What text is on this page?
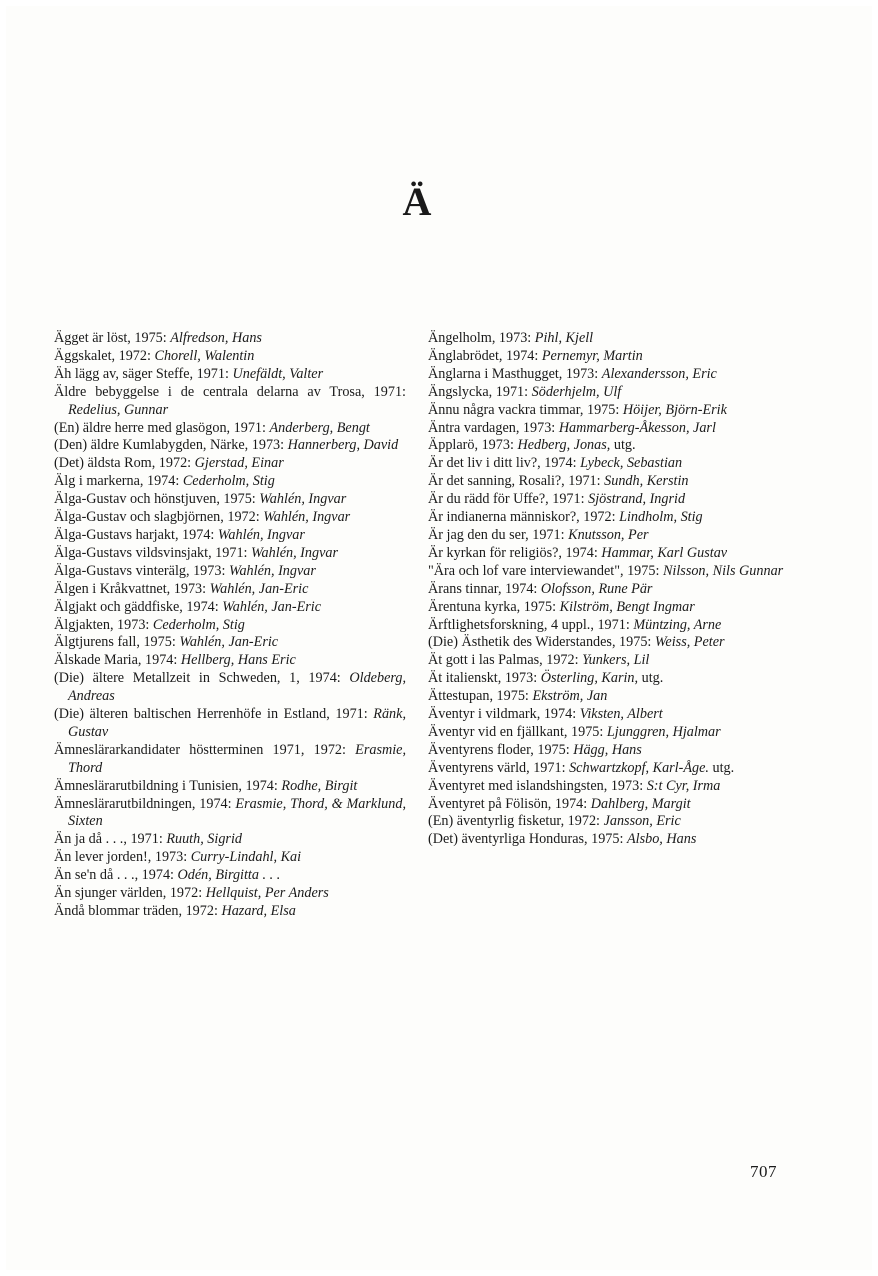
Ä
Ägget är löst, 1975: Alfredson, Hans
Äggskalet, 1972: Chorell, Walentin
Äh lägg av, säger Steffe, 1971: Unefäldt, Valter
Äldre bebyggelse i de centrala delarna av Trosa, 1971: Redelius, Gunnar
(En) äldre herre med glasögon, 1971: Anderberg, Bengt
(Den) äldre Kumlabygden, Närke, 1973: Hannerberg, David
(Det) äldsta Rom, 1972: Gjerstad, Einar
Älg i markerna, 1974: Cederholm, Stig
Älga-Gustav och hönstjuven, 1975: Wahlén, Ingvar
Älga-Gustav och slagbjörnen, 1972: Wahlén, Ingvar
Älga-Gustavs harjakt, 1974: Wahlén, Ingvar
Älga-Gustavs vildsvinsjakt, 1971: Wahlén, Ingvar
Älga-Gustavs vinterälg, 1973: Wahlén, Ingvar
Älgen i Kråkvattnet, 1973: Wahlén, Jan-Eric
Älgjakt och gäddfiske, 1974: Wahlén, Jan-Eric
Älgjakten, 1973: Cederholm, Stig
Älgtjurens fall, 1975: Wahlén, Jan-Eric
Älskade Maria, 1974: Hellberg, Hans Eric
(Die) ältere Metallzeit in Schweden, 1, 1974: Oldeberg, Andreas
(Die) älteren baltischen Herrenhöfe in Estland, 1971: Ränk, Gustav
Ämneslärarkandidater höstterminen 1971, 1972: Erasmie, Thord
Ämneslärarutbildning i Tunisien, 1974: Rodhe, Birgit
Ämneslärarutbildningen, 1974: Erasmie, Thord, & Marklund, Sixten
Än ja då . . ., 1971: Ruuth, Sigrid
Än lever jorden!, 1973: Curry-Lindahl, Kai
Än se'n då . . ., 1974: Odén, Birgitta . . .
Än sjunger världen, 1972: Hellquist, Per Anders
Ändå blommar träden, 1972: Hazard, Elsa
Ängelholm, 1973: Pihl, Kjell
Änglabrödet, 1974: Pernemyr, Martin
Änglarna i Masthugget, 1973: Alexandersson, Eric
Ängslycka, 1971: Söderhjelm, Ulf
Ännu några vackra timmar, 1975: Höijer, Björn-Erik
Äntra vardagen, 1973: Hammarberg-Åkesson, Jarl
Äpplarö, 1973: Hedberg, Jonas, utg.
Är det liv i ditt liv?, 1974: Lybeck, Sebastian
Är det sanning, Rosali?, 1971: Sundh, Kerstin
Är du rädd för Uffe?, 1971: Sjöstrand, Ingrid
Är indianerna människor?, 1972: Lindholm, Stig
Är jag den du ser, 1971: Knutsson, Per
Är kyrkan för religiös?, 1974: Hammar, Karl Gustav
"Ära och lof vare interviewandet", 1975: Nilsson, Nils Gunnar
Ärans tinnar, 1974: Olofsson, Rune Pär
Ärentuna kyrka, 1975: Kilström, Bengt Ingmar
Ärftlighetsforskning, 4 uppl., 1971: Müntzing, Arne
(Die) Ästhetik des Widerstandes, 1975: Weiss, Peter
Ät gott i las Palmas, 1972: Yunkers, Lil
Ät italienskt, 1973: Österling, Karin, utg.
Ättestupan, 1975: Ekström, Jan
Äventyr i vildmark, 1974: Viksten, Albert
Äventyr vid en fjällkant, 1975: Ljunggren, Hjalmar
Äventyrens floder, 1975: Hägg, Hans
Äventyrens värld, 1971: Schwartzkopf, Karl-Åge. utg.
Äventyret med islandshingsten, 1973: S:t Cyr, Irma
Äventyret på Fölisön, 1974: Dahlberg, Margit
(En) äventyrlig fisketur, 1972: Jansson, Eric
(Det) äventyrliga Honduras, 1975: Alsbo, Hans
707
